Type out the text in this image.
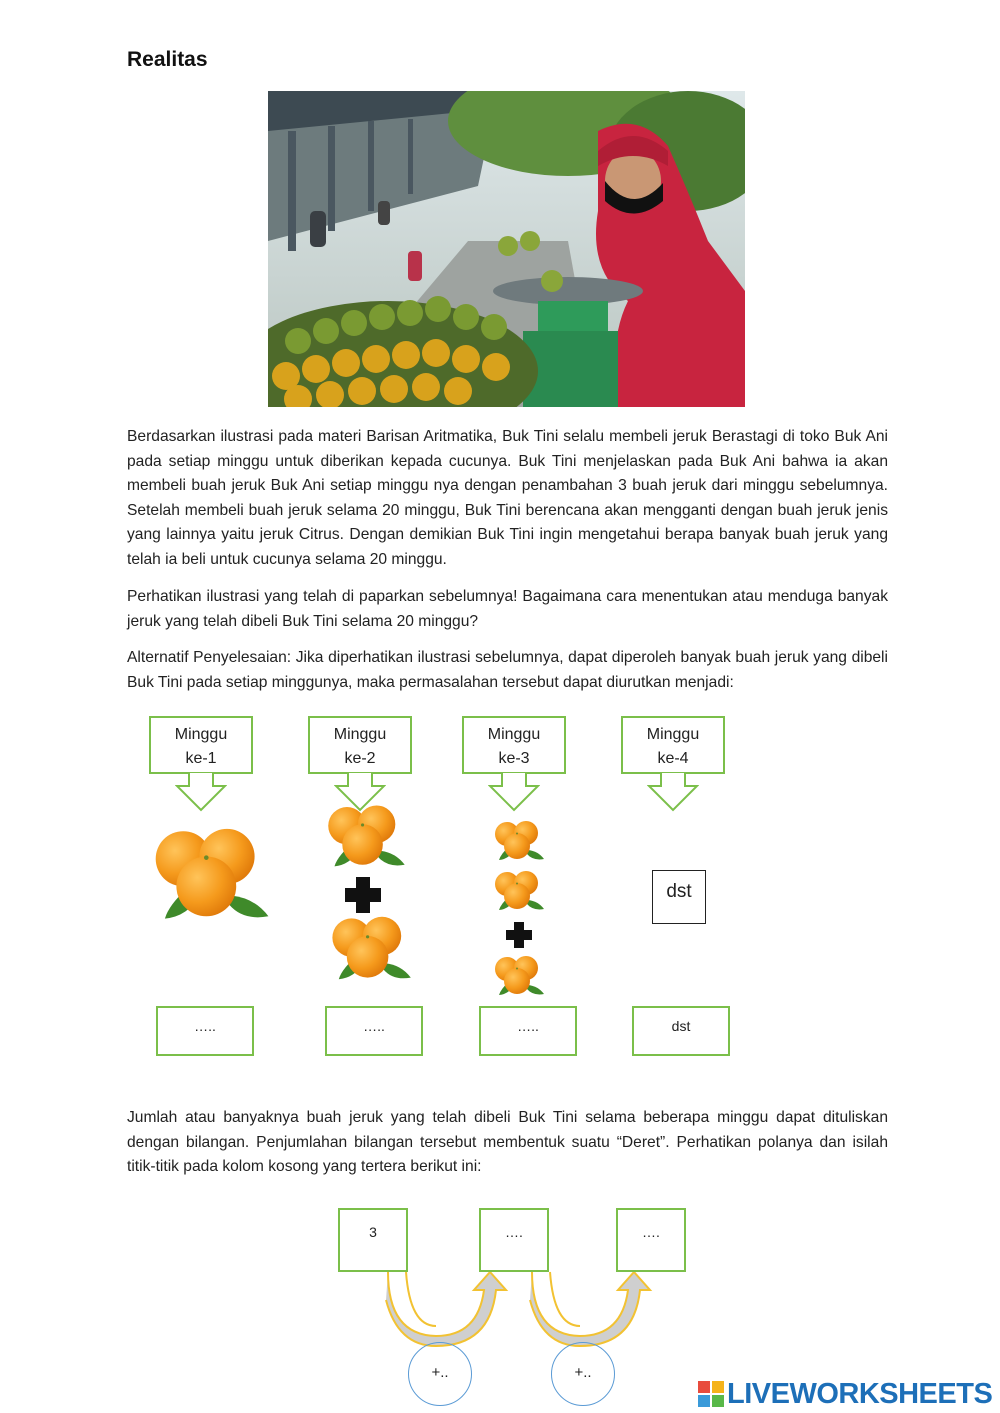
Realitas

Berdasarkan ilustrasi pada materi Barisan Aritmatika, Buk Tini selalu membeli jeruk Berastagi di toko Buk Ani pada setiap minggu untuk diberikan kepada cucunya. Buk Tini menjelaskan pada Buk Ani bahwa ia akan membeli buah jeruk Buk Ani setiap minggu nya dengan penambahan 3 buah jeruk dari minggu sebelumnya. Setelah membeli buah jeruk selama 20 minggu, Buk Tini berencana akan mengganti dengan buah jeruk jenis yang lainnya yaitu jeruk Citrus. Dengan demikian Buk Tini ingin mengetahui berapa banyak buah jeruk yang telah ia beli untuk cucunya selama 20 minggu.

Perhatikan ilustrasi yang telah di paparkan sebelumnya! Bagaimana cara menentukan atau menduga banyak jeruk yang telah dibeli Buk Tini selama 20 minggu?

Alternatif Penyelesaian: Jika diperhatikan ilustrasi sebelumnya, dapat diperoleh banyak buah jeruk yang dibeli Buk Tini pada setiap minggunya, maka permasalahan tersebut dapat diurutkan menjadi:

Minggu
ke-1
Minggu
ke-2
Minggu
ke-3
Minggu
ke-4
dst
…..	…..	…..	dst

Jumlah atau banyaknya buah jeruk yang telah dibeli Buk Tini selama beberapa minggu dapat dituliskan dengan bilangan. Penjumlahan bilangan tersebut membentuk suatu “Deret”. Perhatikan polanya dan isilah titik-titik pada kolom kosong yang tertera berikut ini:

3	….	….
+..	+..
LIVEWORKSHEETS
